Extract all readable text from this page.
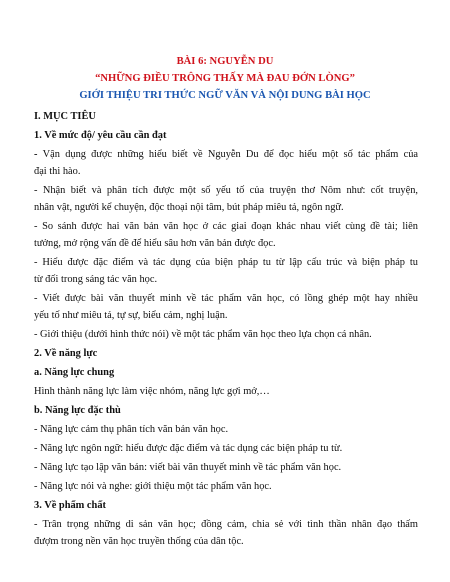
BÀI 6: NGUYỄN DU
“NHỮNG ĐIỀU TRÔNG THẤY MÀ ĐAU ĐỚN LÒNG”
GIỚI THIỆU TRI THỨC NGỮ VĂN VÀ NỘI DUNG BÀI HỌC
I. MỤC TIÊU
1. Về mức độ/ yêu cầu cần đạt
- Vận dụng được những hiểu biết về Nguyễn Du để đọc hiểu một số tác phẩm của
đại thi hào.
- Nhận biết và phân tích được một số yếu tố của truyện thơ Nôm như: cốt truyện,
nhân vật, người kể chuyện, độc thoại nội tâm, bút pháp miêu tả, ngôn ngữ.
- So sánh được hai văn bản văn học ở các giai đoạn khác nhau viết cùng đề tài; liên
tưởng, mở rộng vấn đề để hiểu sâu hơn văn bản được đọc.
- Hiểu được đặc điểm và tác dụng của biện pháp tu từ lập cấu trúc và biện pháp tu
từ đối trong sáng tác văn học.
- Viết được bài văn thuyết minh về tác phẩm văn học, có lồng ghép một hay nhiều
yếu tố như miêu tả, tự sự, biểu cảm, nghị luận.
- Giới thiệu (dưới hình thức nói) về một tác phẩm văn học theo lựa chọn cá nhân.
2. Về năng lực
a. Năng lực chung
Hình thành năng lực làm việc nhóm, năng lực gợi mở,…
b. Năng lực đặc thù
- Năng lực cảm thụ phân tích văn bản văn học.
- Năng lực ngôn ngữ: hiểu được đặc điểm và tác dụng các biện pháp tu từ.
- Năng lực tạo lập văn bản: viết bài văn thuyết minh về tác phẩm văn học.
- Năng lực nói và nghe: giới thiệu một tác phẩm văn học.
3. Về phẩm chất
- Trân trọng những di sản văn học; đồng cảm, chia sẻ với tình thần nhân đạo thấm
đượm trong nền văn học truyền thống của dân tộc.
